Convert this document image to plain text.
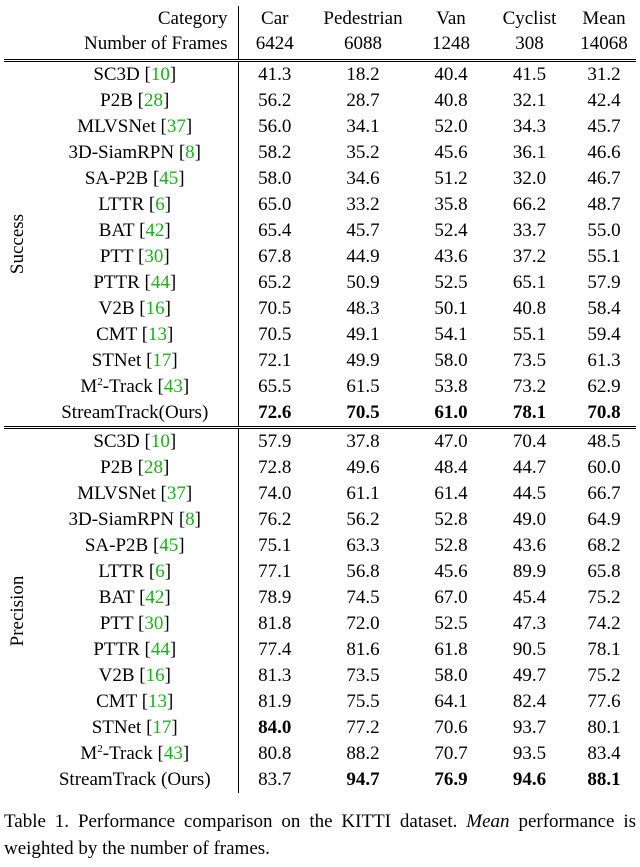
	Category	Car	Pedestrian	Van	Cyclist	Mean
	Number of Frames	6424	6088	1248	308	14068

Success	SC3D [10]	41.3	18.2	40.4	41.5	31.2
	P2B [28]	56.2	28.7	40.8	32.1	42.4
	MLVSNet [37]	56.0	34.1	52.0	34.3	45.7
	3D-SiamRPN [8]	58.2	35.2	45.6	36.1	46.6
	SA-P2B [45]	58.0	34.6	51.2	32.0	46.7
	LTTR [6]	65.0	33.2	35.8	66.2	48.7
	BAT [42]	65.4	45.7	52.4	33.7	55.0
	PTT [30]	67.8	44.9	43.6	37.2	55.1
	PTTR [44]	65.2	50.9	52.5	65.1	57.9
	V2B [16]	70.5	48.3	50.1	40.8	58.4
	CMT [13]	70.5	49.1	54.1	55.1	59.4
	STNet [17]	72.1	49.9	58.0	73.5	61.3
	$M^2$-Track [43]	65.5	61.5	53.8	73.2	62.9
	StreamTrack(Ours)	72.6	70.5	61.0	78.1	70.8

Precision	SC3D [10]	57.9	37.8	47.0	70.4	48.5
	P2B [28]	72.8	49.6	48.4	44.7	60.0
	MLVSNet [37]	74.0	61.1	61.4	44.5	66.7
	3D-SiamRPN [8]	76.2	56.2	52.8	49.0	64.9
	SA-P2B [45]	75.1	63.3	52.8	43.6	68.2
	LTTR [6]	77.1	56.8	45.6	89.9	65.8
	BAT [42]	78.9	74.5	67.0	45.4	75.2
	PTT [30]	81.8	72.0	52.5	47.3	74.2
	PTTR [44]	77.4	81.6	61.8	90.5	78.1
	V2B [16]	81.3	73.5	58.0	49.7	75.2
	CMT [13]	81.9	75.5	64.1	82.4	77.6
	STNet [17]	84.0	77.2	70.6	93.7	80.1
	$M^2$-Track [43]	80.8	88.2	70.7	93.5	83.4
	StreamTrack (Ours)	83.7	94.7	76.9	94.6	88.1
Table 1. Performance comparison on the KITTI dataset. Mean performance is weighted by the number of frames.
